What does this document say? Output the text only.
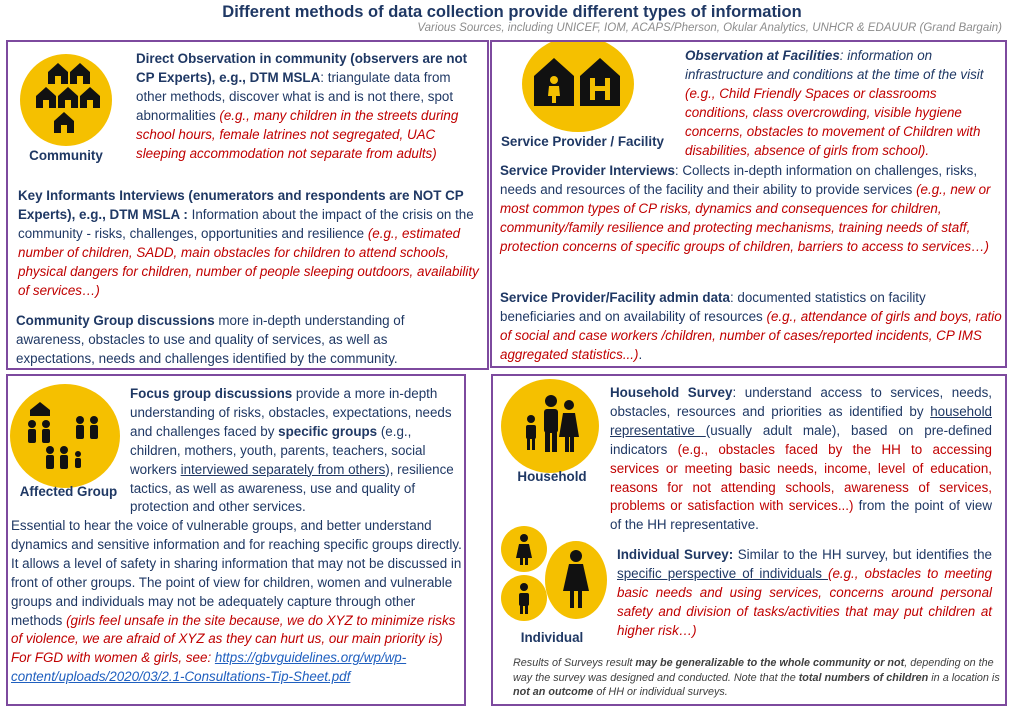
Different methods of data collection provide different types of information
Various Sources, including UNICEF, IOM, ACAPS/Pherson, Okular Analytics, UNHCR & EDAUUR (Grand Bargain)
Community
Direct Observation in community (observers are not CP Experts), e.g., DTM MSLA: triangulate data from other methods, discover what is and is not there, spot abnormalities (e.g., many children in the streets during school hours, female latrines not segregated, UAC sleeping accommodation not separate from adults)
Key Informants Interviews (enumerators and respondents are NOT CP Experts), e.g., DTM MSLA : Information about the impact of the crisis on the community - risks, challenges, opportunities and resilience (e.g., estimated number of children, SADD, main obstacles for children to attend schools, physical dangers for children, number of people sleeping outdoors, availability of services…)
Community Group discussions more in-depth understanding of awareness, obstacles to use and quality of services, as well as expectations, needs and challenges identified by the community.
Service Provider / Facility
Observation at Facilities: information on infrastructure and conditions at the time of the visit (e.g., Child Friendly Spaces or classrooms conditions, class overcrowding, visible hygiene concerns, obstacles to movement of Children with disabilities, absence of girls from school).
Service Provider Interviews: Collects in-depth information on challenges, risks, needs and resources of the facility and their ability to provide services (e.g., new or most common types of CP risks, dynamics and consequences for children, community/family resilience and protecting mechanisms, training needs of staff, protection concerns of specific groups of children, barriers to access to services…)
Service Provider/Facility admin data: documented statistics on facility beneficiaries and on availability of resources (e.g., attendance of girls and boys, ratio of social and case workers /children, number of cases/reported incidents, CP IMS aggregated statistics...).
Affected Group
Focus group discussions provide a more in-depth understanding of risks, obstacles, expectations, needs and challenges faced by specific groups (e.g., children, mothers, youth, parents, teachers, social workers interviewed separately from others), resilience tactics, as well as awareness, use and quality of protection and other services.
Essential to hear the voice of vulnerable groups, and better understand dynamics and sensitive information and for reaching specific groups directly. It allows a level of safety in sharing information that may not be discussed in front of other groups. The point of view for children, women and vulnerable groups and individuals may not be adequately capture through other methods (girls feel unsafe in the site because, we do XYZ to minimize risks of violence, we are afraid of XYZ as they can hurt us, our main priority is) For FGD with women & girls, see: https://gbvguidelines.org/wp/wp-content/uploads/2020/03/2.1-Consultations-Tip-Sheet.pdf
Household
Household Survey: understand access to services, needs, obstacles, resources and priorities as identified by household representative (usually adult male), based on pre-defined indicators (e.g., obstacles faced by the HH to accessing services or meeting basic needs, income, level of education, reasons for not attending schools, awareness of services, problems or satisfaction with services...) from the point of view of the HH representative.
Individual
Individual Survey: Similar to the HH survey, but identifies the specific perspective of individuals (e.g., obstacles to meeting basic needs and using services, concerns around personal safety and division of tasks/activities that may put children at higher risk…)
Results of Surveys result may be generalizable to the whole community or not, depending on the way the survey was designed and conducted. Note that the total numbers of children in a location is not an outcome of HH or individual surveys.
